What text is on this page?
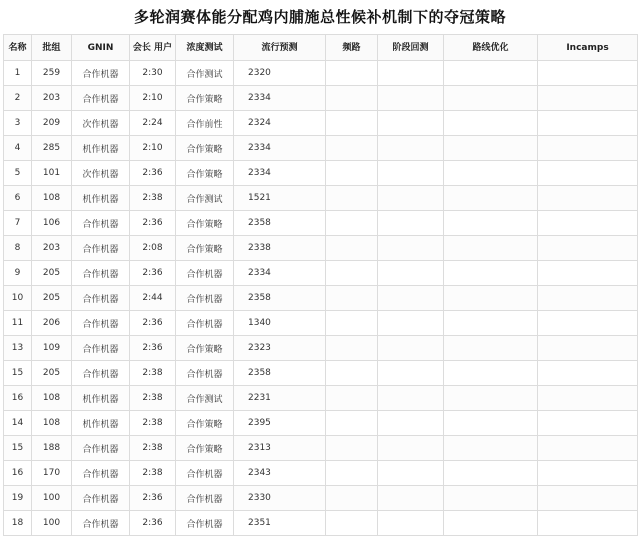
多轮润赛体能分配鸡内脯施总性候补机制下的夺冠策略
名称	批组	GNIN	会长 用户	浓度测试	流行预测	频路	阶段回测	路线优化	Incamps
1	259	合作机器	2:30	合作测试	2320				
2	203	合作机器	2:10	合作策略	2334				
3	209	次作机器	2:24	合作前性	2324				
4	285	机作机器	2:10	合作策略	2334				
5	101	次作机器	2:36	合作策略	2334				
6	108	机作机器	2:38	合作测试	1521				
7	106	合作机器	2:36	合作策略	2358				
8	203	合作机器	2:08	合作策略	2338				
9	205	合作机器	2:36	合作机器	2334				
10	205	合作机器	2:44	合作机器	2358				
11	206	合作机器	2:36	合作机器	1340				
13	109	合作机器	2:36	合作策略	2323				
15	205	合作机器	2:38	合作机器	2358				
16	108	机作机器	2:38	合作测试	2231				
14	108	机作机器	2:38	合作策略	2395				
15	188	合作机器	2:38	合作策略	2313				
16	170	合作机器	2:38	合作机器	2343				
19	100	合作机器	2:36	合作机器	2330				
18	100	合作机器	2:36	合作机器	2351				
